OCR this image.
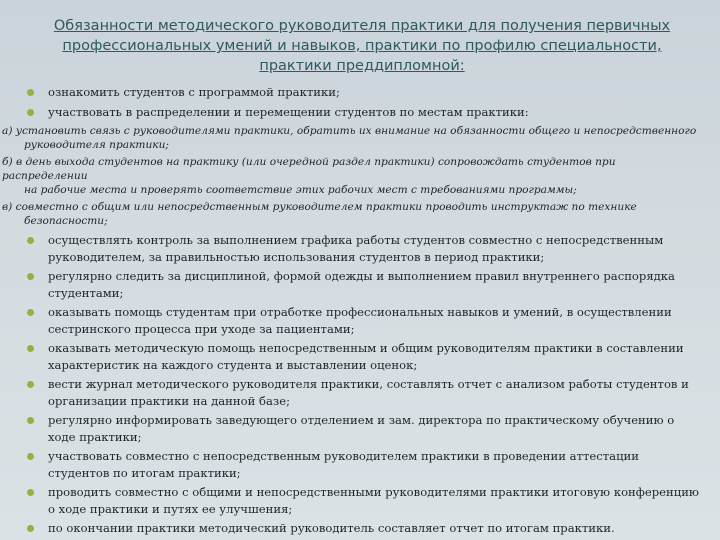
Обязанности методического руководителя практики для получения первичных
профессиональных умений и навыков, практики по профилю специальности,
практики преддипломной:
ознакомить студентов с программой практики;
участвовать в распределении и перемещении студентов по местам практики:

а) установить связь с руководителями практики, обратить их внимание на обязанности общего и непосредственного

руководителя практики;

б) в день выхода студентов на практику (или очередной раздел практики) сопровождать студентов при распределении

на рабочие места и проверять соответствие этих рабочих мест с требованиями программы;

в) совместно с общим или непосредственным руководителем практики проводить инструктаж по технике

безопасности;

осуществлять контроль за выполнением графика работы студентов совместно с непосредственным руководителем, за правильностью использования студентов в период практики;
регулярно следить за дисциплиной, формой одежды и выполнением правил внутреннего распорядка студентами;
оказывать помощь студентам при отработке профессиональных навыков и умений, в осуществлении сестринского процесса при уходе за пациентами;
оказывать методическую помощь непосредственным и общим руководителям практики в составлении характеристик на каждого студента и выставлении оценок;
вести журнал методического руководителя практики, составлять отчет с анализом работы студентов и организации практики на данной базе;
регулярно информировать заведующего отделением и зам. директора по практическому обучению о ходе практики;
участвовать совместно с непосредственным руководителем практики в проведении аттестации студентов по итогам практики;
проводить совместно с общими и непосредственными руководителями практики итоговую конференцию о ходе практики и путях ее улучшения;
по окончании практики методический руководитель составляет отчет по итогам практики.
